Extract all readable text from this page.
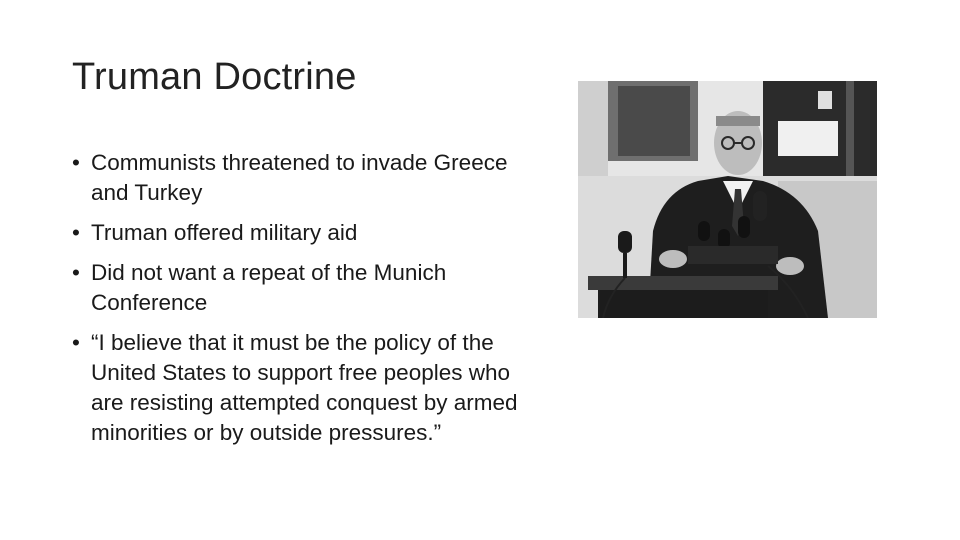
Truman Doctrine
• Communists threatened to invade Greece and Turkey
• Truman offered military aid
• Did not want a repeat of the Munich Conference
• “I believe that it must be the policy of the United States to support free peoples who are resisting attempted conquest by armed minorities or by outside pressures.”
